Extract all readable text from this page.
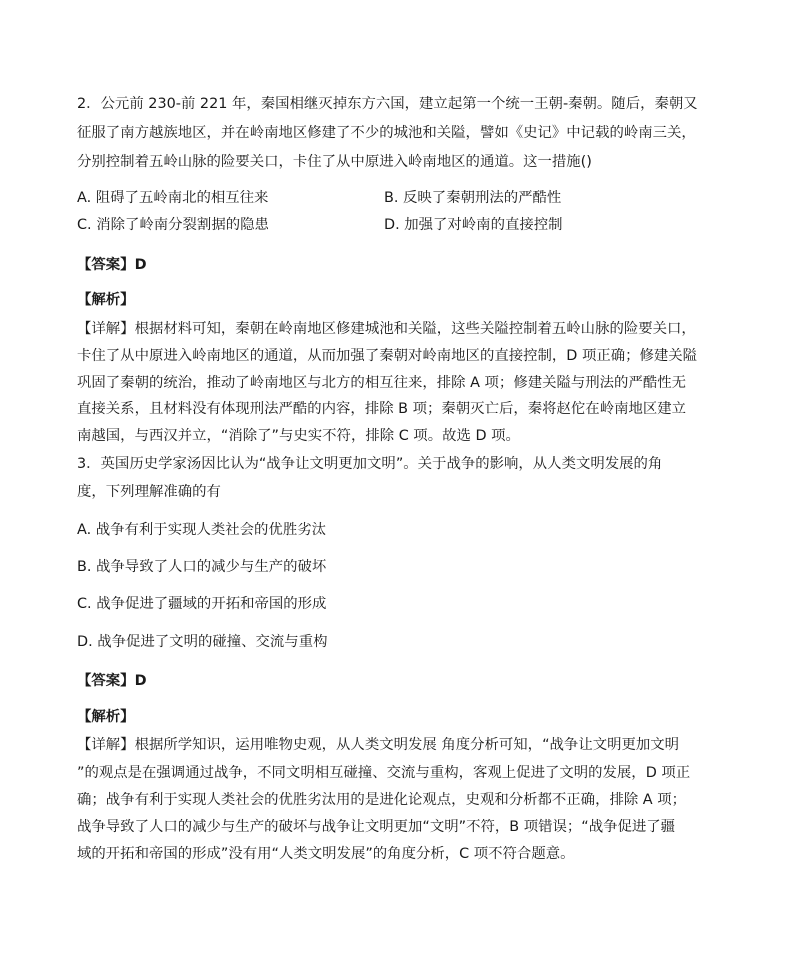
2．公元前 230-前 221 年，秦国相继灭掉东方六国，建立起第一个统一王朝-秦朝。随后，秦朝又
征服了南方越族地区，并在岭南地区修建了不少的城池和关隘，譬如《史记》中记载的岭南三关，
分别控制着五岭山脉的险要关口，卡住了从中原进入岭南地区的通道。这一措施()
A. 阻碍了五岭南北的相互往来	B. 反映了秦朝刑法的严酷性
C. 消除了岭南分裂割据的隐患	D. 加强了对岭南的直接控制
【答案】D
【解析】
【详解】根据材料可知，秦朝在岭南地区修建城池和关隘，这些关隘控制着五岭山脉的险要关口，
卡住了从中原进入岭南地区的通道，从而加强了秦朝对岭南地区的直接控制，D 项正确；修建关隘
巩固了秦朝的统治，推动了岭南地区与北方的相互往来，排除 A 项；修建关隘与刑法的严酷性无
直接关系，且材料没有体现刑法严酷的内容，排除 B 项；秦朝灭亡后，秦将赵佗在岭南地区建立
南越国，与西汉并立，“消除了”与史实不符，排除 C 项。故选 D 项。
3．英国历史学家汤因比认为“战争让文明更加文明”。关于战争的影响，从人类文明发展的角
度，下列理解准确的有
A. 战争有利于实现人类社会的优胜劣汰
B. 战争导致了人口的减少与生产的破坏
C. 战争促进了疆域的开拓和帝国的形成
D. 战争促进了文明的碰撞、交流与重构
【答案】D
【解析】
【详解】根据所学知识，运用唯物史观，从人类文明发展 角度分析可知，“战争让文明更加文明
”的观点是在强调通过战争，不同文明相互碰撞、交流与重构，客观上促进了文明的发展，D 项正
确；战争有利于实现人类社会的优胜劣汰用的是进化论观点，史观和分析都不正确，排除 A 项；
战争导致了人口的减少与生产的破坏与战争让文明更加“文明”不符，B 项错误；“战争促进了疆
域的开拓和帝国的形成”没有用“人类文明发展”的角度分析，C 项不符合题意。
